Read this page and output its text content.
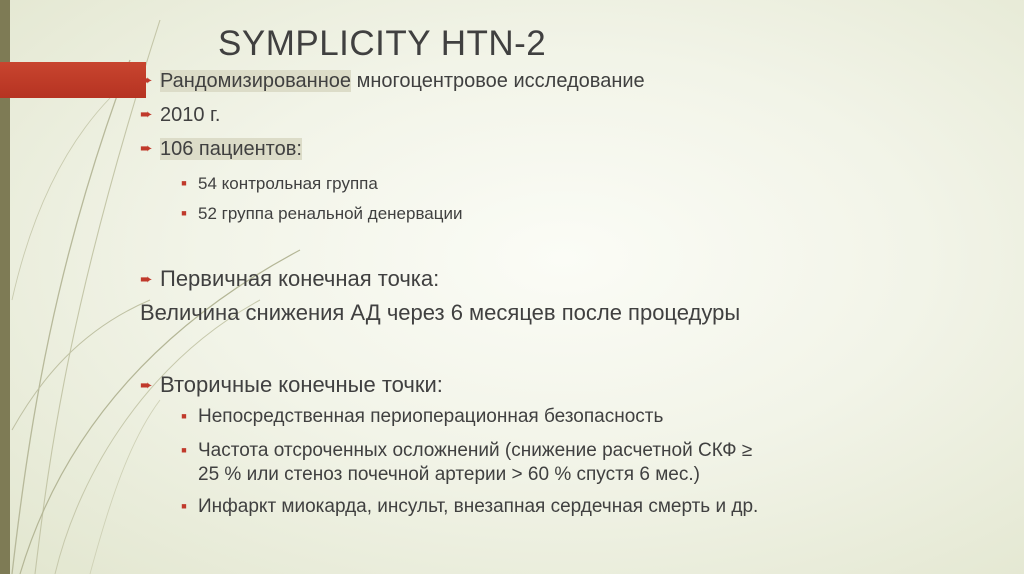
SYMPLICITY HTN-2
➨ Рандомизированное многоцентровое исследование
➨ 2010 г.
➨ 106 пациентов:
■ 54 контрольная группа
■ 52 группа ренальной денервации
➨ Первичная конечная точка:
Величина снижения АД через 6 месяцев после процедуры
➨ Вторичные конечные точки:
■ Непосредственная периоперационная безопасность
■ Частота отсроченных осложнений (снижение расчетной СКФ ≥
25 % или стеноз почечной артерии > 60 % спустя 6 мес.)
■ Инфаркт миокарда, инсульт, внезапная сердечная смерть и др.
